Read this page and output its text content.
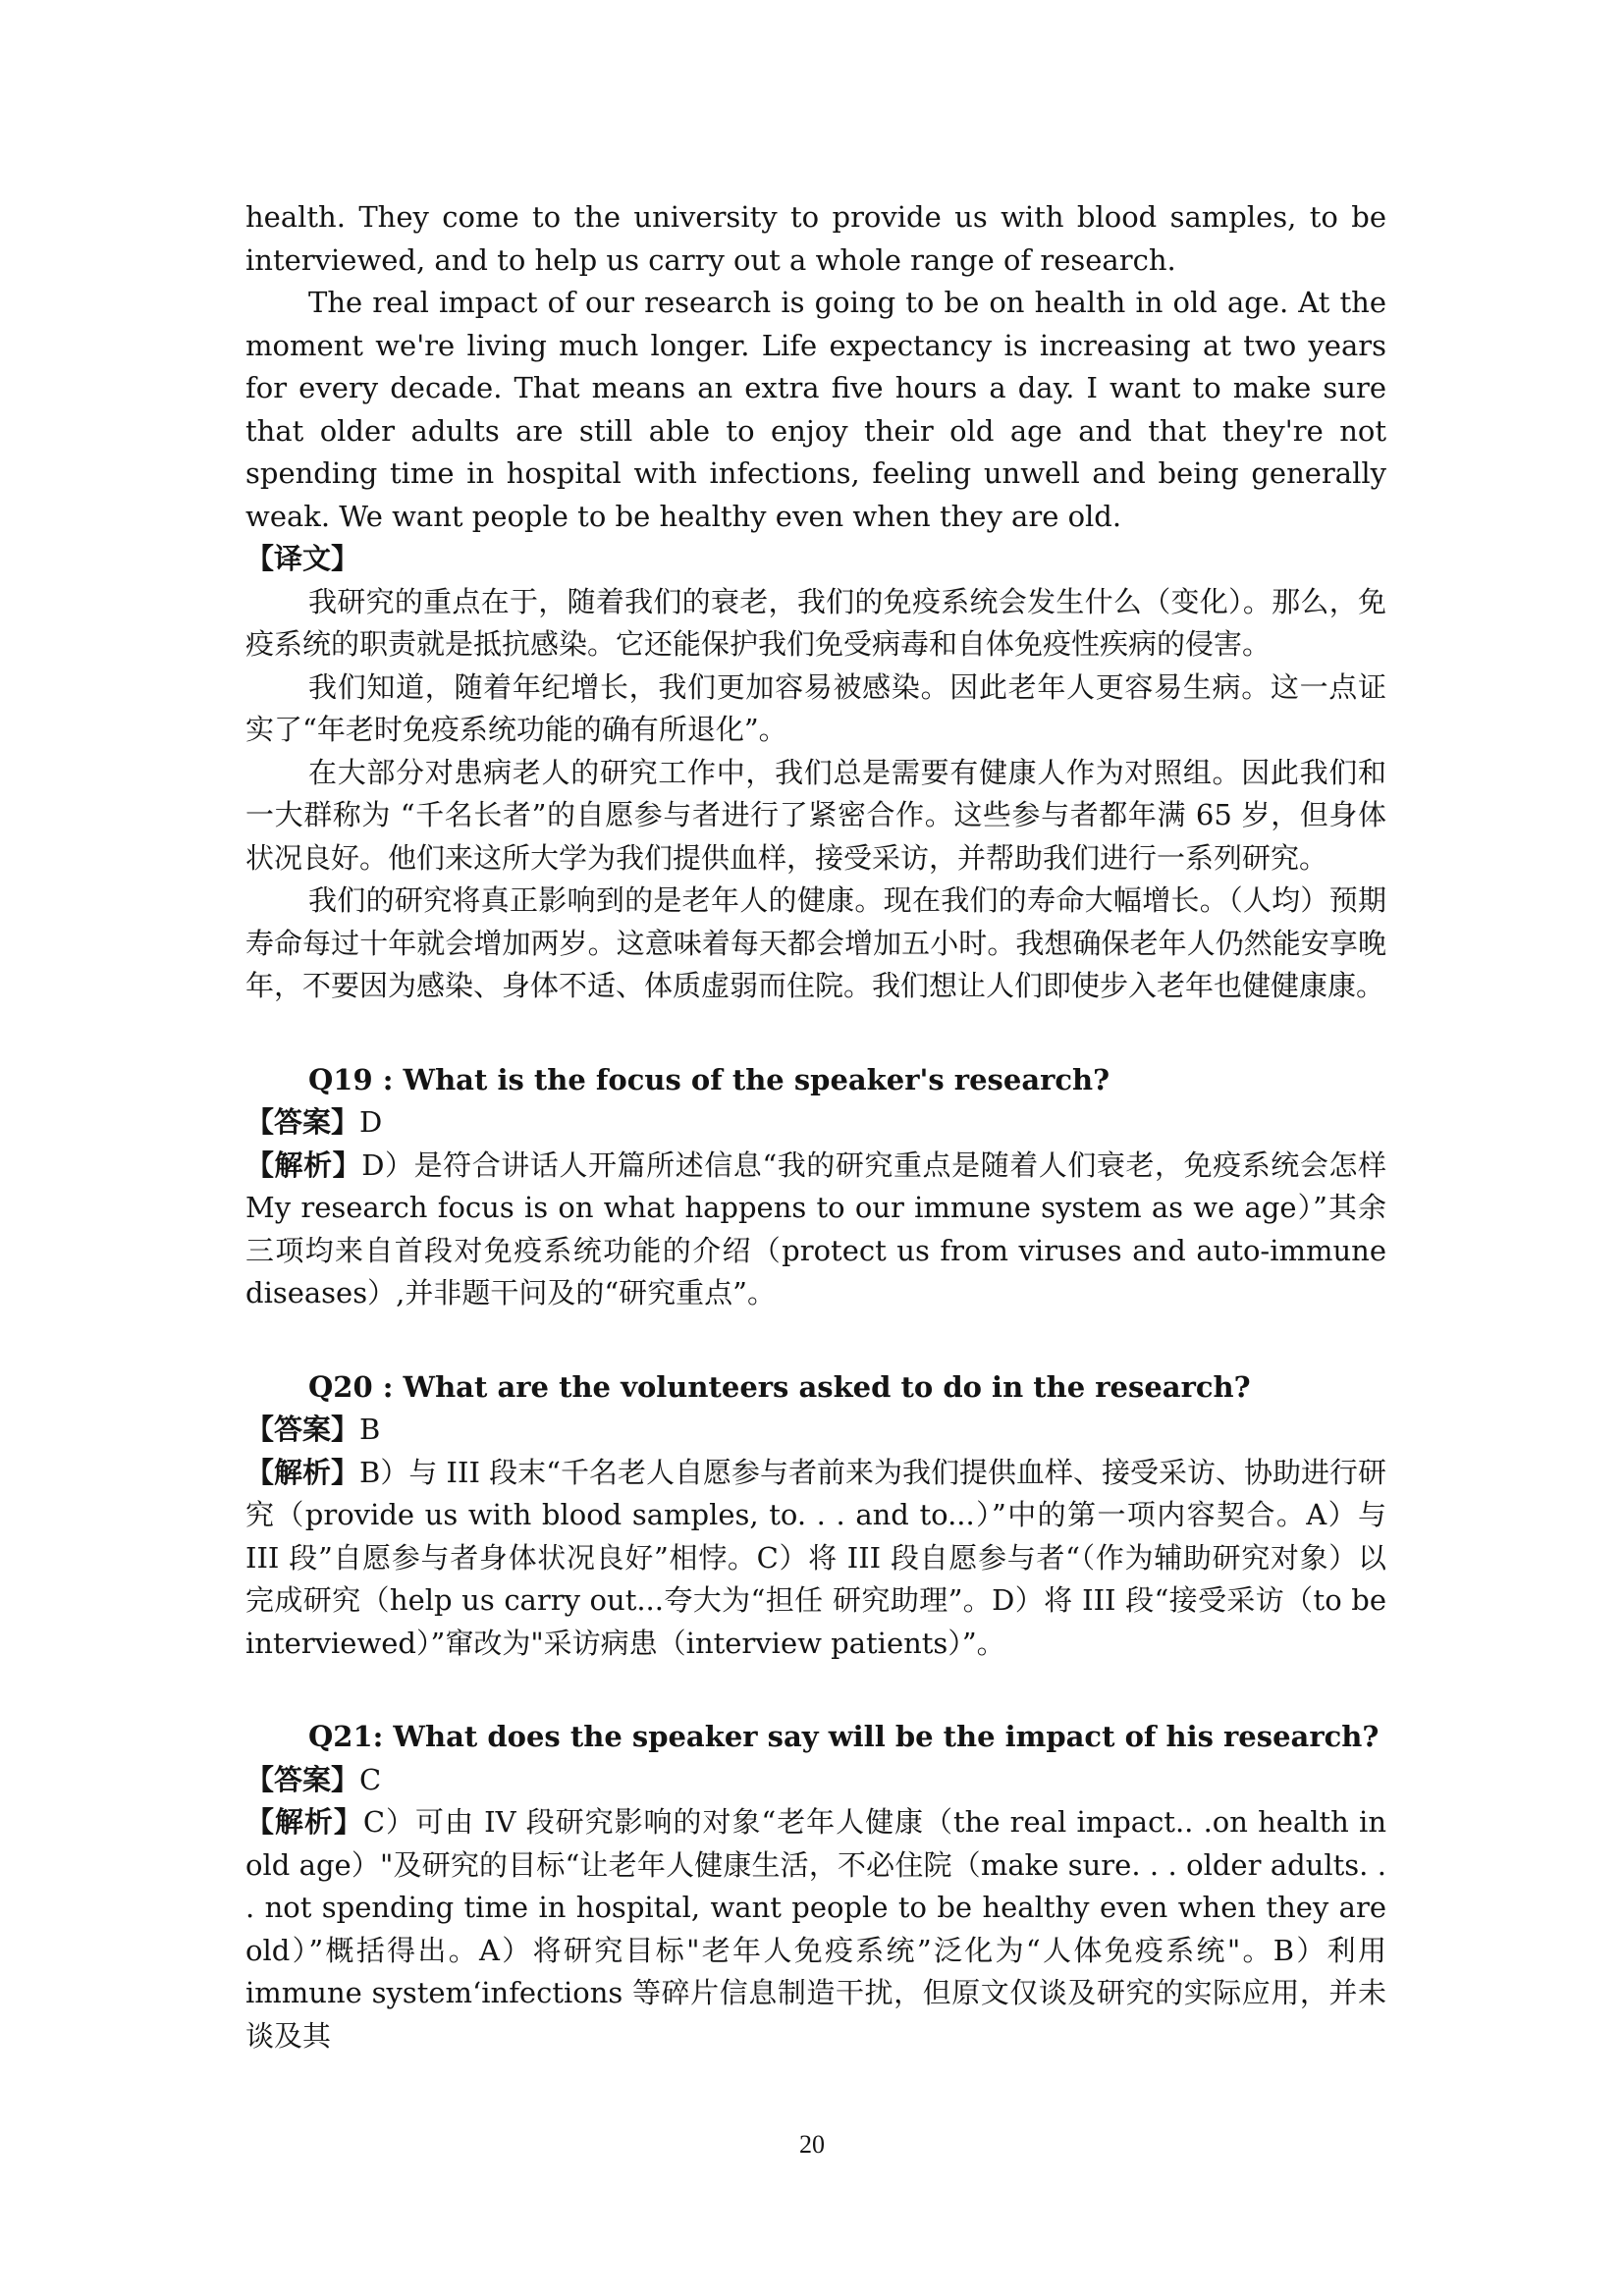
health. They come to the university to provide us with blood samples, to be interviewed, and to help us carry out a whole range of research.

The real impact of our research is going to be on health in old age. At the moment we're living much longer. Life expectancy is increasing at two years for every decade. That means an extra five hours a day. I want to make sure that older adults are still able to enjoy their old age and that they're not spending time in hospital with infections, feeling unwell and being generally weak. We want people to be healthy even when they are old.

【译文】

我研究的重点在于，随着我们的衰老，我们的免疫系统会发生什么（变化）。那么，免疫系统的职责就是抵抗感染。它还能保护我们免受病毒和自体免疫性疾病的侵害。

我们知道，随着年纪增长，我们更加容易被感染。因此老年人更容易生病。这一点证实了“年老时免疫系统功能的确有所退化”。

在大部分对患病老人的研究工作中，我们总是需要有健康人作为对照组。因此我们和一大群称为 “千名长者”的自愿参与者进行了紧密合作。这些参与者都年满 65 岁，但身体状况良好。他们来这所大学为我们提供血样，接受采访，并帮助我们进行一系列研究。

我们的研究将真正影响到的是老年人的健康。现在我们的寿命大幅增长。（人均）预期寿命每过十年就会增加两岁。这意味着每天都会增加五小时。我想确保老年人仍然能安享晚年，不要因为感染、身体不适、体质虚弱而住院。我们想让人们即使步入老年也健健康康。

Q19 : What is the focus of the speaker's research?

【答案】D

【解析】D）是符合讲话人开篇所述信息“我的研究重点是随着人们衰老，免疫系统会怎样 My research focus is on what happens to our immune system as we age）”其余三项均来自首段对免疫系统功能的介绍（protect us from viruses and auto-immune diseases）,并非题干问及的“研究重点”。

Q20 : What are the volunteers asked to do in the research?

【答案】B

【解析】B）与 III 段末“千名老人自愿参与者前来为我们提供血样、接受采访、协助进行研究（provide us with blood samples, to. . . and to...）”中的第一项内容契合。A）与 III 段”自愿参与者身体状况良好”相悖。C）将 III 段自愿参与者“（作为辅助研究对象）以完成研究（help us carry out...夸大为“担任 研究助理”。D）将 III 段“接受采访（to be interviewed）”窜改为"采访病患（interview patients）”。

Q21: What does the speaker say will be the impact of his research?

【答案】C

【解析】C）可由 IV 段研究影响的对象“老年人健康（the real impact.. .on health in old age）"及研究的目标“让老年人健康生活，不必住院（make sure. . . older adults. . . not spending time in hospital, want people to be healthy even when they are old）”概括得出。A）将研究目标"老年人免疫系统”泛化为“人体免疫系统"。B）利用 immune system‘infections 等碎片信息制造干扰，但原文仅谈及研究的实际应用，并未谈及其

20
